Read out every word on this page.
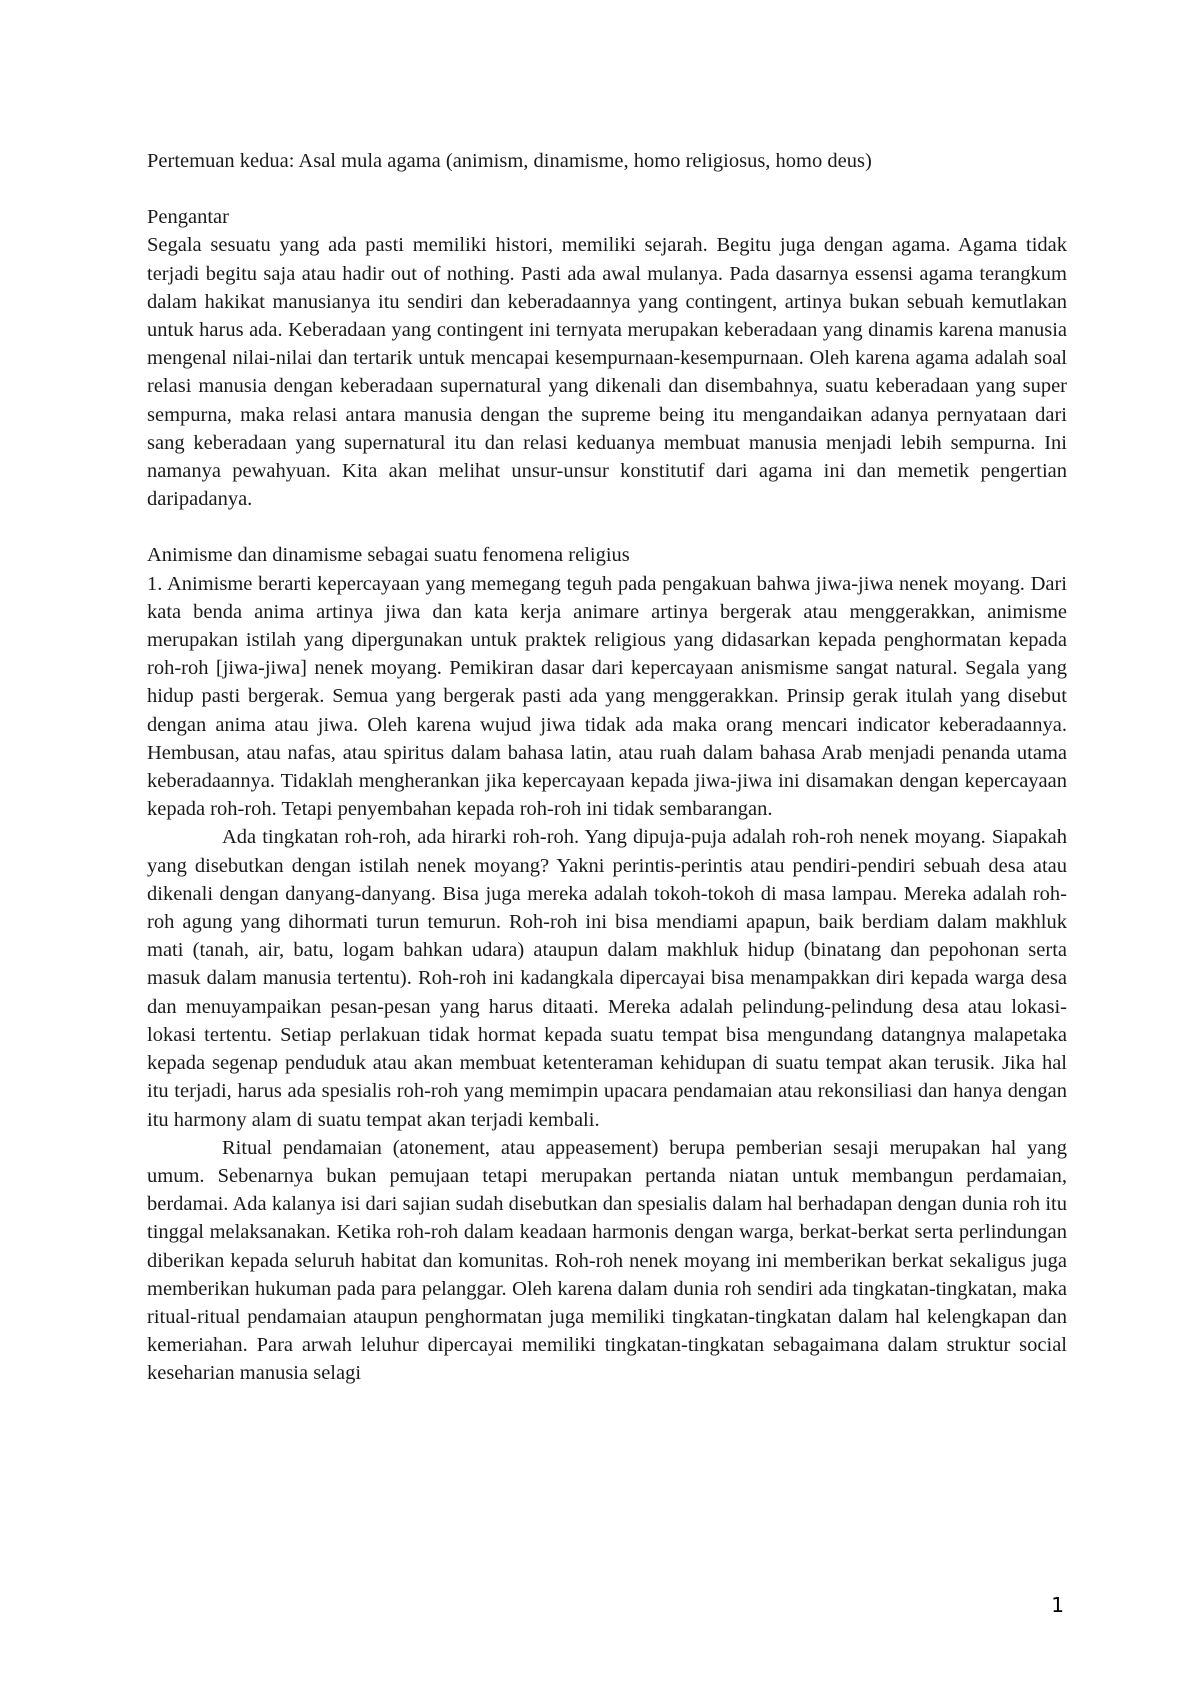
Pertemuan kedua: Asal mula agama (animism, dinamisme, homo religiosus, homo deus)

Pengantar

Segala sesuatu yang ada pasti memiliki histori, memiliki sejarah. Begitu juga dengan agama. Agama tidak terjadi begitu saja atau hadir out of nothing. Pasti ada awal mulanya. Pada dasarnya essensi agama terangkum dalam hakikat manusianya itu sendiri dan keberadaannya yang contingent, artinya bukan sebuah kemutlakan untuk harus ada. Keberadaan yang contingent ini ternyata merupakan keberadaan yang dinamis karena manusia mengenal nilai-nilai dan tertarik untuk mencapai kesempurnaan-kesempurnaan. Oleh karena agama adalah soal relasi manusia dengan keberadaan supernatural yang dikenali dan disembahnya, suatu keberadaan yang super sempurna, maka relasi antara manusia dengan the supreme being itu mengandaikan adanya pernyataan dari sang keberadaan yang supernatural itu dan relasi keduanya membuat manusia menjadi lebih sempurna. Ini namanya pewahyuan. Kita akan melihat unsur-unsur konstitutif dari agama ini dan memetik pengertian daripadanya.

Animisme dan dinamisme sebagai suatu fenomena religius

1. Animisme berarti kepercayaan yang memegang teguh pada pengakuan bahwa jiwa-jiwa nenek moyang. Dari kata benda anima artinya jiwa dan kata kerja animare artinya bergerak atau menggerakkan, animisme merupakan istilah yang dipergunakan untuk praktek religious yang didasarkan kepada penghormatan kepada roh-roh [jiwa-jiwa] nenek moyang. Pemikiran dasar dari kepercayaan anismisme sangat natural. Segala yang hidup pasti bergerak. Semua yang bergerak pasti ada yang menggerakkan. Prinsip gerak itulah yang disebut dengan anima atau jiwa. Oleh karena wujud jiwa tidak ada maka orang mencari indicator keberadaannya. Hembusan, atau nafas, atau spiritus dalam bahasa latin, atau ruah dalam bahasa Arab menjadi penanda utama keberadaannya. Tidaklah mengherankan jika kepercayaan kepada jiwa-jiwa ini disamakan dengan kepercayaan kepada roh-roh. Tetapi penyembahan kepada roh-roh ini tidak sembarangan.

Ada tingkatan roh-roh, ada hirarki roh-roh. Yang dipuja-puja adalah roh-roh nenek moyang. Siapakah yang disebutkan dengan istilah nenek moyang? Yakni perintis-perintis atau pendiri-pendiri sebuah desa atau dikenali dengan danyang-danyang. Bisa juga mereka adalah tokoh-tokoh di masa lampau. Mereka adalah roh-roh agung yang dihormati turun temurun. Roh-roh ini bisa mendiami apapun, baik berdiam dalam makhluk mati (tanah, air, batu, logam bahkan udara) ataupun dalam makhluk hidup (binatang dan pepohonan serta masuk dalam manusia tertentu). Roh-roh ini kadangkala dipercayai bisa menampakkan diri kepada warga desa dan menuyampaikan pesan-pesan yang harus ditaati. Mereka adalah pelindung-pelindung desa atau lokasi-lokasi tertentu. Setiap perlakuan tidak hormat kepada suatu tempat bisa mengundang datangnya malapetaka kepada segenap penduduk atau akan membuat ketenteraman kehidupan di suatu tempat akan terusik. Jika hal itu terjadi, harus ada spesialis roh-roh yang memimpin upacara pendamaian atau rekonsiliasi dan hanya dengan itu harmony alam di suatu tempat akan terjadi kembali.

Ritual pendamaian (atonement, atau appeasement) berupa pemberian sesaji merupakan hal yang umum. Sebenarnya bukan pemujaan tetapi merupakan pertanda niatan untuk membangun perdamaian, berdamai. Ada kalanya isi dari sajian sudah disebutkan dan spesialis dalam hal berhadapan dengan dunia roh itu tinggal melaksanakan. Ketika roh-roh dalam keadaan harmonis dengan warga, berkat-berkat serta perlindungan diberikan kepada seluruh habitat dan komunitas. Roh-roh nenek moyang ini memberikan berkat sekaligus juga memberikan hukuman pada para pelanggar. Oleh karena dalam dunia roh sendiri ada tingkatan-tingkatan, maka ritual-ritual pendamaian ataupun penghormatan juga memiliki tingkatan-tingkatan dalam hal kelengkapan dan kemeriahan. Para arwah leluhur dipercayai memiliki tingkatan-tingkatan sebagaimana dalam struktur social keseharian manusia selagi

1
